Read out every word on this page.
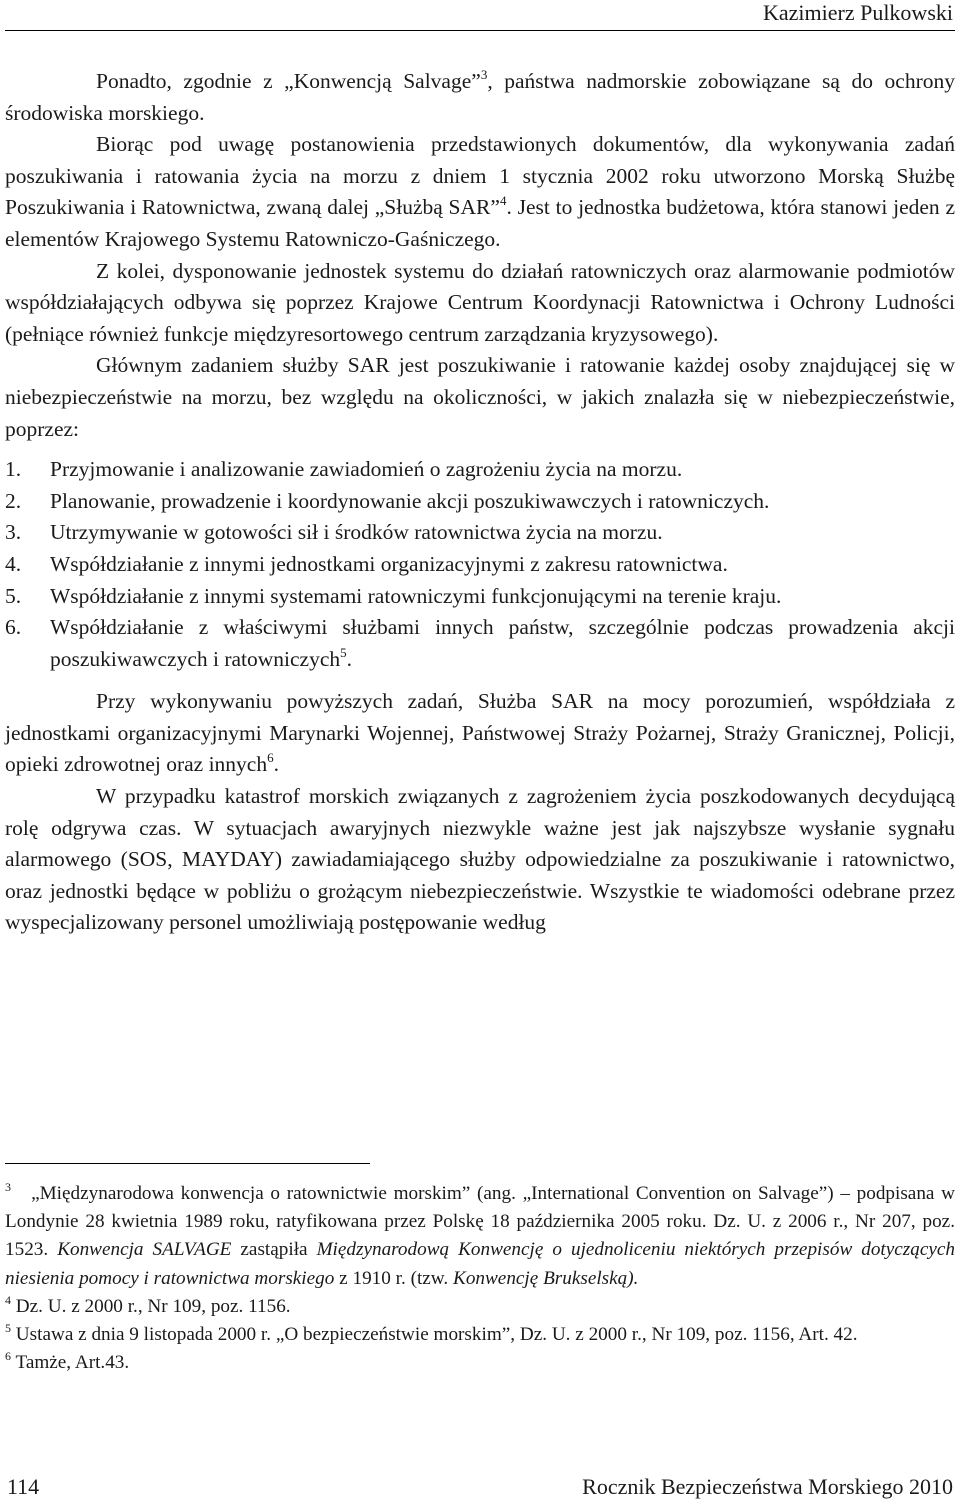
Kazimierz Pulkowski

Ponadto, zgodnie z „Konwencją Salvage”$^3$, państwa nadmorskie zobowiązane są do ochrony środowiska morskiego.

Biorąc pod uwagę postanowienia przedstawionych dokumentów, dla wykonywania zadań poszukiwania i ratowania życia na morzu z dniem 1 stycznia 2002 roku utworzono Morską Służbę Poszukiwania i Ratownictwa, zwaną dalej „Służbą SAR”$^4$. Jest to jednostka budżetowa, która stanowi jeden z elementów Krajowego Systemu Ratowniczo-Gaśniczego.

Z kolei, dysponowanie jednostek systemu do działań ratowniczych oraz alarmowanie podmiotów współdziałających odbywa się poprzez Krajowe Centrum Koordynacji Ratownictwa i Ochrony Ludności (pełniące również funkcje międzyresortowego centrum zarządzania kryzysowego).

Głównym zadaniem służby SAR jest poszukiwanie i ratowanie każdej osoby znajdującej się w niebezpieczeństwie na morzu, bez względu na okoliczności, w jakich znalazła się w niebezpieczeństwie, poprzez:

1. Przyjmowanie i analizowanie zawiadomień o zagrożeniu życia na morzu.
2. Planowanie, prowadzenie i koordynowanie akcji poszukiwawczych i ratowniczych.
3. Utrzymywanie w gotowości sił i środków ratownictwa życia na morzu.
4. Współdziałanie z innymi jednostkami organizacyjnymi z zakresu ratownictwa.
5. Współdziałanie z innymi systemami ratowniczymi funkcjonującymi na terenie kraju.
6. Współdziałanie z właściwymi służbami innych państw, szczególnie podczas prowadzenia akcji poszukiwawczych i ratowniczych$^5$.

Przy wykonywaniu powyższych zadań, Służba SAR na mocy porozumień, współdziała z jednostkami organizacyjnymi Marynarki Wojennej, Państwowej Straży Pożarnej, Straży Granicznej, Policji, opieki zdrowotnej oraz innych$^6$.

W przypadku katastrof morskich związanych z zagrożeniem życia poszkodowanych decydującą rolę odgrywa czas. W sytuacjach awaryjnych niezwykle ważne jest jak najszybsze wysłanie sygnału alarmowego (SOS, MAYDAY) zawiadamiającego służby odpowiedzialne za poszukiwanie i ratownictwo, oraz jednostki będące w pobliżu o grożącym niebezpieczeństwie. Wszystkie te wiadomości odebrane przez wyspecjalizowany personel umożliwiają postępowanie według

$^3$ „Międzynarodowa konwencja o ratownictwie morskim” (ang. „International Convention on Salvage”) – podpisana w Londynie 28 kwietnia 1989 roku, ratyfikowana przez Polskę 18 października 2005 roku. Dz. U. z 2006 r., Nr 207, poz. 1523. Konwencja SALVAGE zastąpiła Międzynarodową Konwencję o ujednoliceniu niektórych przepisów dotyczących niesienia pomocy i ratownictwa morskiego z 1910 r. (tzw. Konwencję Brukselską).

$^4$ Dz. U. z 2000 r., Nr 109, poz. 1156.

$^5$ Ustawa z dnia 9 listopada 2000 r. „O bezpieczeństwie morskim”, Dz. U. z 2000 r., Nr 109, poz. 1156, Art. 42.

$^6$ Tamże, Art.43.

114	Rocznik Bezpieczeństwa Morskiego 2010
